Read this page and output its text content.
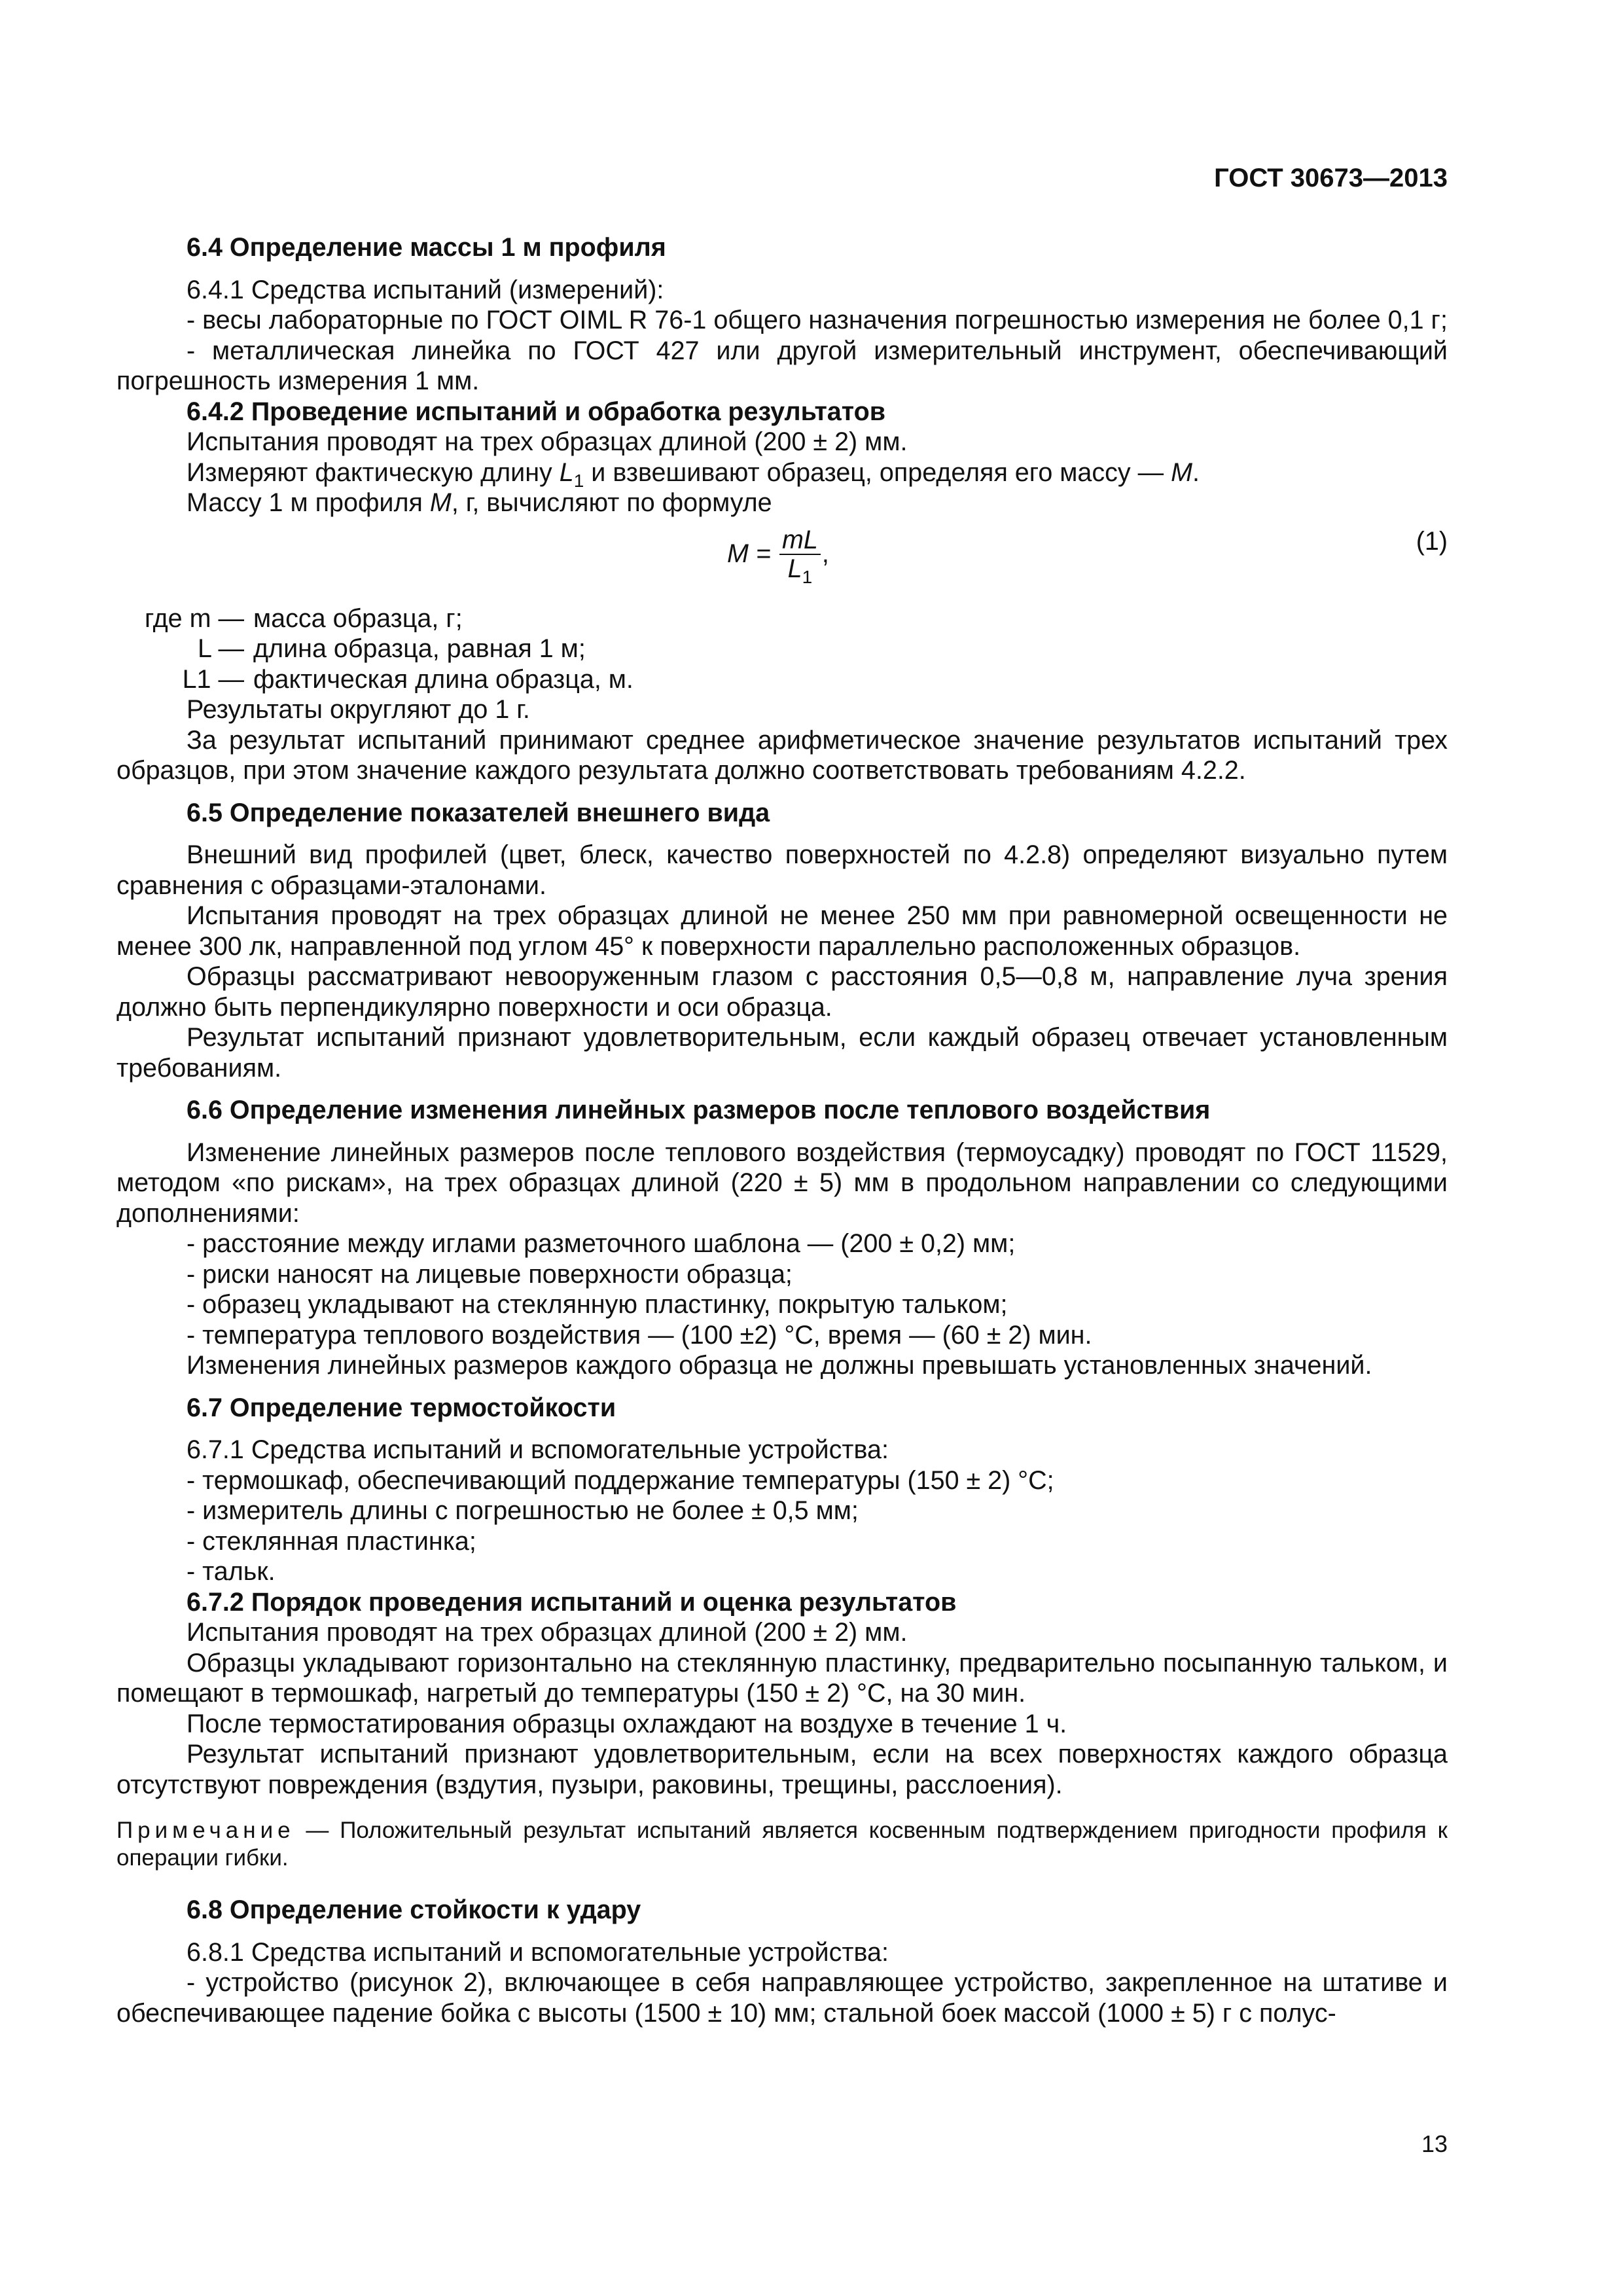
ГОСТ 30673—2013

6.4 Определение массы 1 м профиля

6.4.1 Средства испытаний (измерений):

- весы лабораторные по ГОСТ OIML R 76-1 общего назначения погрешностью измерения не более 0,1 г;

- металлическая линейка по ГОСТ 427 или другой измерительный инструмент, обеспечивающий погрешность измерения 1 мм.

6.4.2 Проведение испытаний и обработка результатов

Испытания проводят на трех образцах длиной (200 ± 2) мм.

Измеряют фактическую длину $L_1$ и взвешивают образец, определяя его массу — M.

Массу 1 м профиля M, г, вычисляют по формуле

M =
$\frac{mL}{L_1}$ ,	(1)
где m — масса образца, г;
L — длина образца, равная 1 м;
L1 — фактическая длина образца, м.

Результаты округляют до 1 г.

За результат испытаний принимают среднее арифметическое значение результатов испытаний трех образцов, при этом значение каждого результата должно соответствовать требованиям 4.2.2.

6.5 Определение показателей внешнего вида

Внешний вид профилей (цвет, блеск, качество поверхностей по 4.2.8) определяют визуально путем сравнения с образцами-эталонами.

Испытания проводят на трех образцах длиной не менее 250 мм при равномерной освещенности не менее 300 лк, направленной под углом 45° к поверхности параллельно расположенных образцов.

Образцы рассматривают невооруженным глазом с расстояния 0,5—0,8 м, направление луча зрения должно быть перпендикулярно поверхности и оси образца.

Результат испытаний признают удовлетворительным, если каждый образец отвечает установленным требованиям.

6.6 Определение изменения линейных размеров после теплового воздействия

Изменение линейных размеров после теплового воздействия (термоусадку) проводят по ГОСТ 11529, методом «по рискам», на трех образцах длиной (220 ± 5) мм в продольном направлении со следующими дополнениями:

- расстояние между иглами разметочного шаблона — (200 ± 0,2) мм;

- риски наносят на лицевые поверхности образца;

- образец укладывают на стеклянную пластинку, покрытую тальком;

- температура теплового воздействия — (100 ±2) °С, время — (60 ± 2) мин.

Изменения линейных размеров каждого образца не должны превышать установленных значений.

6.7 Определение термостойкости

6.7.1 Средства испытаний и вспомогательные устройства:

- термошкаф, обеспечивающий поддержание температуры (150 ± 2) °С;

- измеритель длины с погрешностью не более ± 0,5 мм;

- стеклянная пластинка;

- тальк.

6.7.2 Порядок проведения испытаний и оценка результатов

Испытания проводят на трех образцах длиной (200 ± 2) мм.

Образцы укладывают горизонтально на стеклянную пластинку, предварительно посыпанную тальком, и помещают в термошкаф, нагретый до температуры (150 ± 2) °С, на 30 мин.

После термостатирования образцы охлаждают на воздухе в течение 1 ч.

Результат испытаний признают удовлетворительным, если на всех поверхностях каждого образца отсутствуют повреждения (вздутия, пузыри, раковины, трещины, расслоения).

Примечание — Положительный результат испытаний является косвенным подтверждением пригодности профиля к операции гибки.

6.8 Определение стойкости к удару

6.8.1 Средства испытаний и вспомогательные устройства:

- устройство (рисунок 2), включающее в себя направляющее устройство, закрепленное на штативе и обеспечивающее падение бойка с высоты (1500 ± 10) мм; стальной боек массой (1000 ± 5) г с полус-

13
